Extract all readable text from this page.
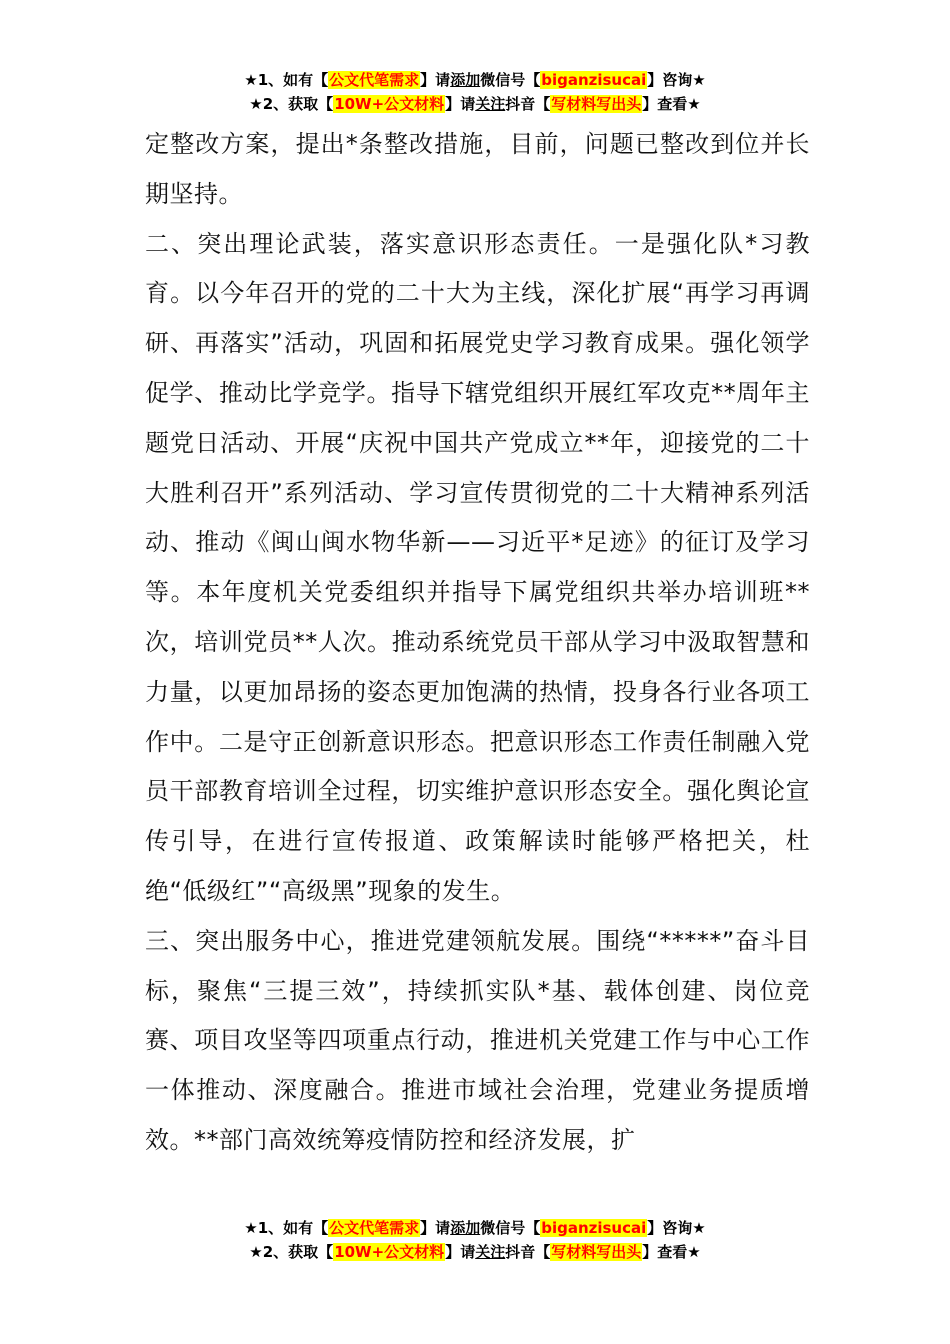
★1、如有【公文代笔需求】请添加微信号【biganzisucai】咨询★
★2、获取【10W+公文材料】请关注抖音【写材料写出头】查看★

定整改方案，提出*条整改措施，目前，问题已整改到位并长期坚持。

二、突出理论武装，落实意识形态责任。一是强化队*习教育。以今年召开的党的二十大为主线，深化扩展“再学习再调研、再落实”活动，巩固和拓展党史学习教育成果。强化领学促学、推动比学竞学。指导下辖党组织开展红军攻克**周年主题党日活动、开展“庆祝中国共产党成立**年，迎接党的二十大胜利召开”系列活动、学习宣传贯彻党的二十大精神系列活动、推动《闽山闽水物华新——习近平*足迹》的征订及学习等。本年度机关党委组织并指导下属党组织共举办培训班**次，培训党员**人次。推动系统党员干部从学习中汲取智慧和力量，以更加昂扬的姿态更加饱满的热情，投身各行业各项工作中。二是守正创新意识形态。把意识形态工作责任制融入党员干部教育培训全过程，切实维护意识形态安全。强化舆论宣传引导，在进行宣传报道、政策解读时能够严格把关，杜绝“低级红”“高级黑”现象的发生。

三、突出服务中心，推进党建领航发展。围绕“*****”奋斗目标，聚焦“三提三效”，持续抓实队*基、载体创建、岗位竞赛、项目攻坚等四项重点行动，推进机关党建工作与中心工作一体推动、深度融合。推进市域社会治理，党建业务提质增效。**部门高效统筹疫情防控和经济发展，扩

★1、如有【公文代笔需求】请添加微信号【biganzisucai】咨询★
★2、获取【10W+公文材料】请关注抖音【写材料写出头】查看★
